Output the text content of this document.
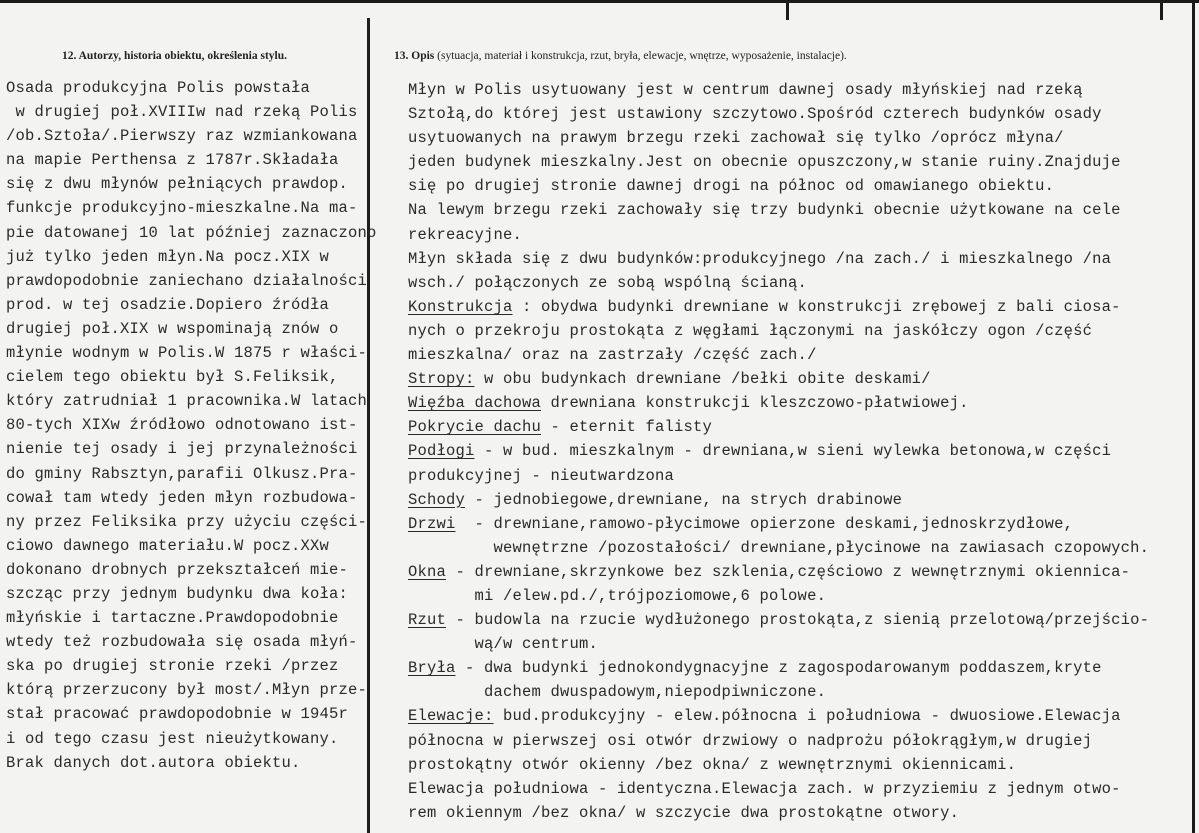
12. Autorzy, historia obiektu, określenia stylu.	13. Opis (sytuacja, materiał i konstrukcja, rzut, bryła, elewacje, wnętrze, wyposażenie, instalacje).
Osada produkcyjna Polis powstała
w drugiej poł.XVIIIw nad rzeką Polis
/ob.Sztoła/.Pierwszy raz wzmiankowana
na mapie Perthensa z 1787r.Składała
się z dwu młynów pełniących prawdop.
funkcje produkcyjno-mieszkalne.Na ma-
pie datowanej 10 lat później zaznaczono
już tylko jeden młyn.Na pocz.XIX w
prawdopodobnie zaniechano działalności
prod. w tej osadzie.Dopiero źródła
drugiej poł.XIX w wspominają znów o
młynie wodnym w Polis.W 1875 r właści-
cielem tego obiektu był S.Feliksik,
który zatrudniał 1 pracownika.W latach
80-tych XIXw źródłowo odnotowano ist-
nienie tej osady i jej przynależności
do gminy Rabsztyn,parafii Olkusz.Pra-
cował tam wtedy jeden młyn rozbudowa-
ny przez Feliksika przy użyciu części-
ciowo dawnego materiału.W pocz.XXw
dokonano drobnych przekształceń mie-
szcząc przy jednym budynku dwa koła:
młyńskie i tartaczne.Prawdopodobnie
wtedy też rozbudowała się osada młyń-
ska po drugiej stronie rzeki /przez
którą przerzucony był most/.Młyn prze-
stał pracować prawdopodobnie w 1945r
i od tego czasu jest nieużytkowany.
Brak danych dot.autora obiektu.
Młyn w Polis usytuowany jest w centrum dawnej osady młyńskiej nad rzeką
Sztołą,do której jest ustawiony szczytowo.Spośród czterech budynków osady
usytuowanych na prawym brzegu rzeki zachował się tylko /oprócz młyna/
jeden budynek mieszkalny.Jest on obecnie opuszczony,w stanie ruiny.Znajduje
się po drugiej stronie dawnej drogi na północ od omawianego obiektu.
Na lewym brzegu rzeki zachowały się trzy budynki obecnie użytkowane na cele
rekreacyjne.
Młyn składa się z dwu budynków:produkcyjnego /na zach./ i mieszkalnego /na
wsch./ połączonych ze sobą wspólną ścianą.
Konstrukcja : obydwa budynki drewniane w konstrukcji zrębowej z bali ciosa-
nych o przekroju prostokąta z węgłami łączonymi na jaskółczy ogon /część
mieszkalna/ oraz na zastrzały /część zach./
Stropy: w obu budynkach drewniane /bełki obite deskami/
Więźba dachowa drewniana konstrukcji kleszczowo-płatwiowej.
Pokrycie dachu - eternit falisty
Podłogi - w bud. mieszkalnym - drewniana,w sieni wylewka betonowa,w części
produkcyjnej - nieutwardzona
Schody - jednobiegowe,drewniane, na strych drabinowe
Drzwi  - drewniane,ramowo-płycimowe opierzone deskami,jednoskrzydłowe,
wewnętrzne /pozostałości/ drewniane,płycinowe na zawiasach czopowych.
Okna - drewniane,skrzynkowe bez szklenia,częściowo z wewnętrznymi okiennica-
mi /elew.pd./,trójpoziomowe,6 polowe.
Rzut - budowla na rzucie wydłużonego prostokąta,z sienią przelotową/przejścio-
wą/w centrum.
Bryła - dwa budynki jednokondygnacyjne z zagospodarowanym poddaszem,kryte
dachem dwuspadowym,niepodpiwniczone.
Elewacje: bud.produkcyjny - elew.północna i południowa - dwuosiowe.Elewacja
północna w pierwszej osi otwór drzwiowy o nadprożu półokrągłym,w drugiej
prostokątny otwór okienny /bez okna/ z wewnętrznymi okiennicami.
Elewacja południowa - identyczna.Elewacja zach. w przyziemiu z jednym otwo-
rem okiennym /bez okna/ w szczycie dwa prostokątne otwory.
